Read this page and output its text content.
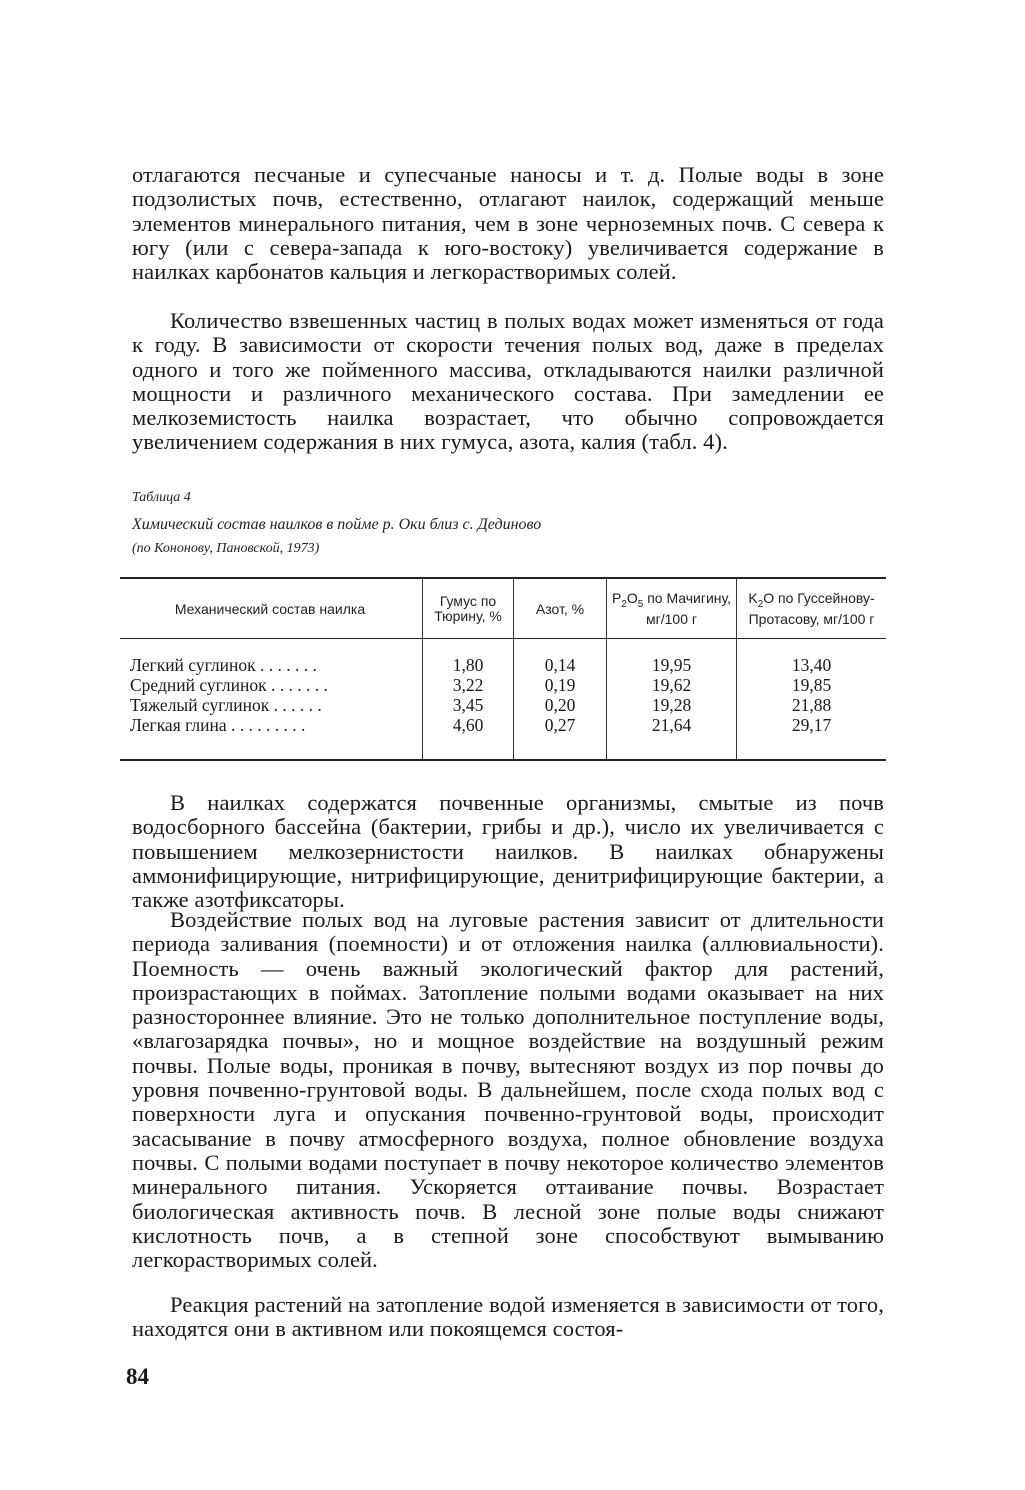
отлагаются песчаные и супесчаные наносы и т. д. Полые воды в зоне подзолистых почв, естественно, отлагают наилок, содержащий меньше элементов минерального питания, чем в зоне черноземных почв. С севера к югу (или с севера-запада к юго-востоку) увеличивается содержание в наилках карбонатов кальция и легкорастворимых солей.

Количество взвешенных частиц в полых водах может изменяться от года к году. В зависимости от скорости течения полых вод, даже в пределах одного и того же пойменного массива, откладываются наилки различной мощности и различного механического состава. При замедлении ее мелкоземистость наилка возрастает, что обычно сопровождается увеличением содержания в них гумуса, азота, калия (табл. 4).

Таблица 4

Химический состав наилков в пойме р. Оки близ с. Дединово

(по Кононову, Пановской, 1973)

Механический состав наилка	Гумус по Тюрину, %	Азот, %
$P_2O_5$ по Мачигину, мг/100 г
$K_2O$ по Гуссейнову-Протасову, мг/100 г
Легкий суглинок . . . . . . .
Средний суглинок . . . . . . .
Тяжелый суглинок . . . . . .
Легкая глина . . . . . . . . .
1,80
3,22
3,45
4,60
0,14
0,19
0,20
0,27
19,95
19,62
19,28
21,64
13,40
19,85
21,88
29,17

В наилках содержатся почвенные организмы, смытые из почв водосборного бассейна (бактерии, грибы и др.), число их увеличивается с повышением мелкозернистости наилков. В наилках обнаружены аммонифицирующие, нитрифицирующие, денитрифицирующие бактерии, а также азотфиксаторы.

Воздействие полых вод на луговые растения зависит от длительности периода заливания (поемности) и от отложения наилка (аллювиальности). Поемность — очень важный экологический фактор для растений, произрастающих в поймах. Затопление полыми водами оказывает на них разностороннее влияние. Это не только дополнительное поступление воды, «влагозарядка почвы», но и мощное воздействие на воздушный режим почвы. Полые воды, проникая в почву, вытесняют воздух из пор почвы до уровня почвенно-грунтовой воды. В дальнейшем, после схода полых вод с поверхности луга и опускания почвенно-грунтовой воды, происходит засасывание в почву атмосферного воздуха, полное обновление воздуха почвы. С полыми водами поступает в почву некоторое количество элементов минерального питания. Ускоряется оттаивание почвы. Возрастает биологическая активность почв. В лесной зоне полые воды снижают кислотность почв, а в степной зоне способствуют вымыванию легкорастворимых солей.

Реакция растений на затопление водой изменяется в зависимости от того, находятся они в активном или покоящемся состоя-

84
